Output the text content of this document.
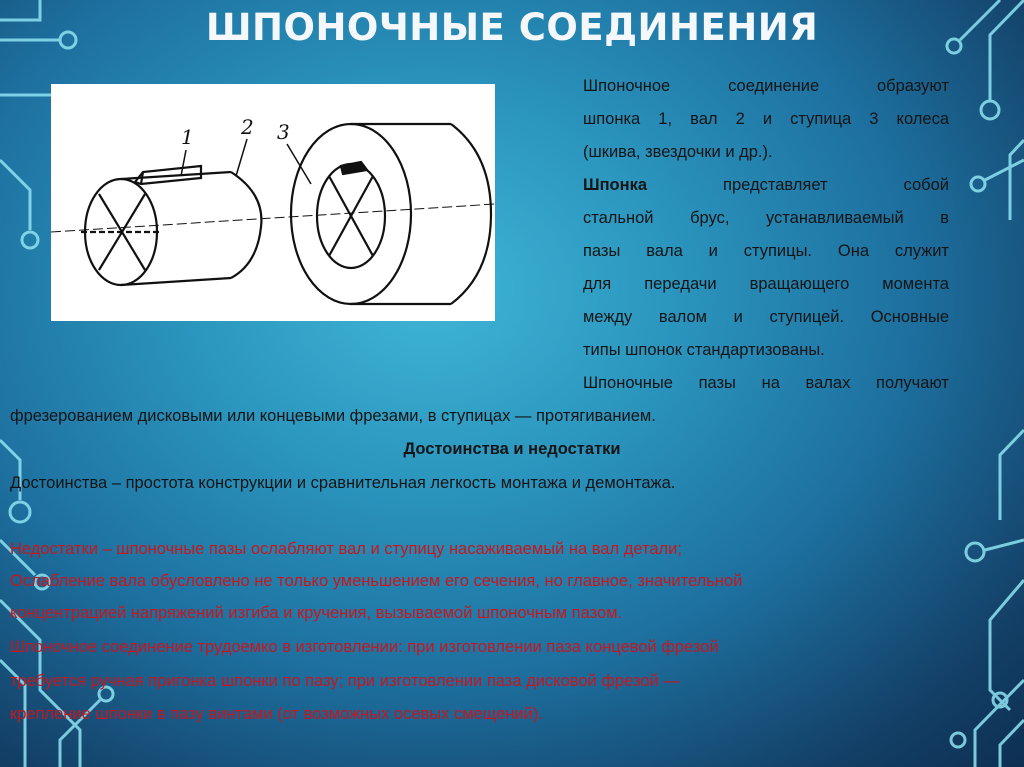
ШПОНОЧНЫЕ СОЕДИНЕНИЯ
1 2 3
Шпоночное соединение образуют
шпонка 1, вал 2 и ступица 3 колеса
(шкива, звездочки и др.).
Шпонка представляет собой
стальной брус, устанавливаемый в
пазы вала и ступицы. Она служит
для передачи вращающего момента
между валом и ступицей. Основные
типы шпонок стандартизованы.
Шпоночные пазы на валах получают
фрезерованием дисковыми или концевыми фрезами, в ступицах — протягиванием.
Достоинства и недостатки
Достоинства – простота конструкции и сравнительная легкость монтажа и демонтажа.
Недостатки – шпоночные пазы ослабляют вал и ступицу насаживаемый на вал детали;
Ослабление вала обусловлено не только уменьшением его сечения, но главное, значительной
концентрацией напряжений изгиба и кручения, вызываемой шпоночным пазом.
Шпоночное соединение трудоемко в изготовлении: при изготовлении паза концевой фрезой
требуется ручная пригонка шпонки по пазу; при изготовлении паза дисковой фрезой —
крепление шпонки в пазу винтами (от возможных осевых смещений).
